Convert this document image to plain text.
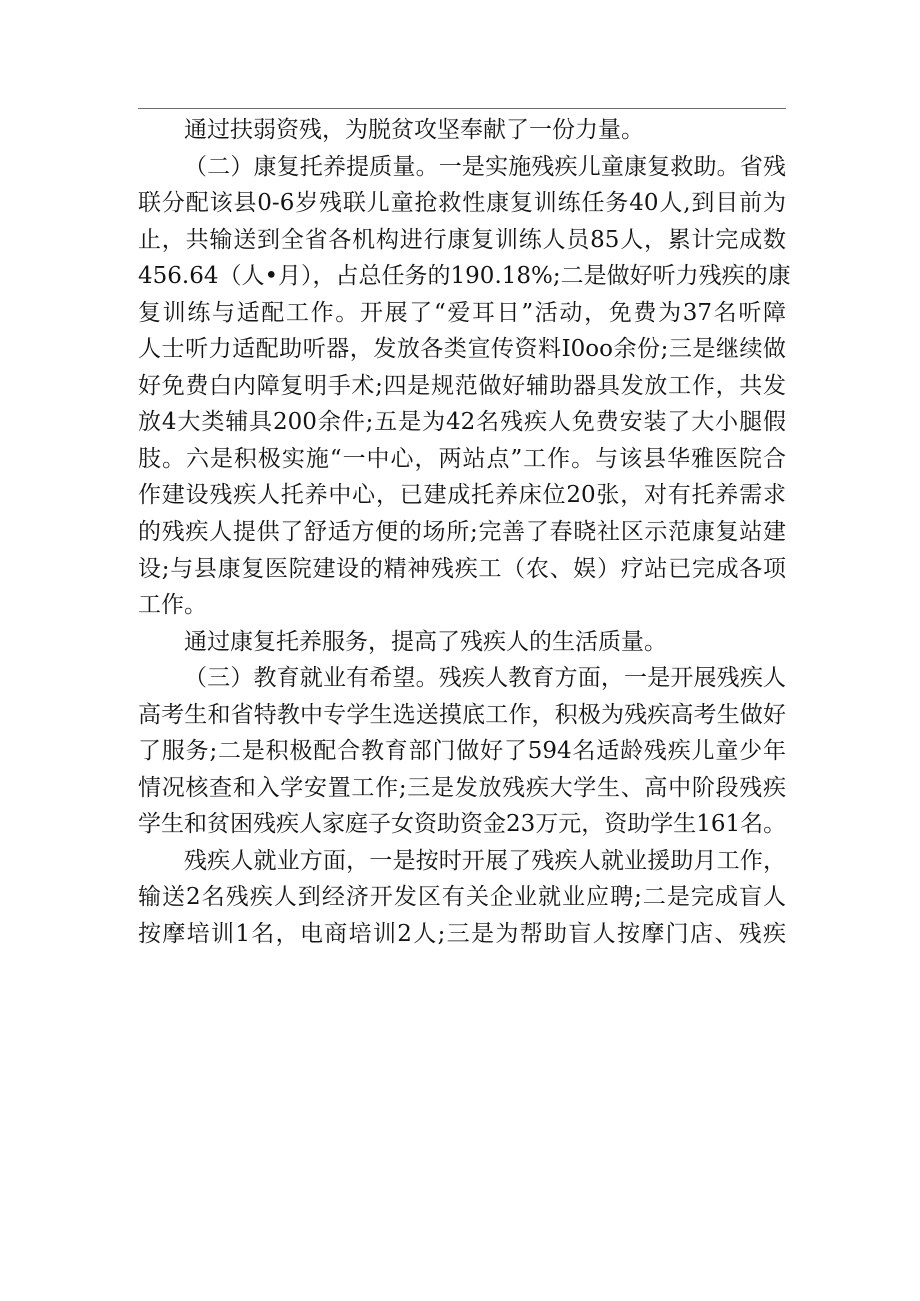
通过扶弱资残，为脱贫攻坚奉献了一份力量。
（二）康复托养提质量。一是实施残疾儿童康复救助。省残
联分配该县0-6岁残联儿童抢救性康复训练任务40人,到目前为
止，共输送到全省各机构进行康复训练人员85人，累计完成数
456.64（人•月），占总任务的190.18%;二是做好听力残疾的康
复训练与适配工作。开展了“爱耳日”活动，免费为37名听障
人士听力适配助听器，发放各类宣传资料I0oo余份;三是继续做
好免费白内障复明手术;四是规范做好辅助器具发放工作，共发
放4大类辅具200余件;五是为42名残疾人免费安装了大小腿假
肢。六是积极实施“一中心，两站点”工作。与该县华雅医院合
作建设残疾人托养中心，已建成托养床位20张，对有托养需求
的残疾人提供了舒适方便的场所;完善了春晓社区示范康复站建
设;与县康复医院建设的精神残疾工（农、娱）疗站已完成各项
工作。
通过康复托养服务，提高了残疾人的生活质量。
（三）教育就业有希望。残疾人教育方面，一是开展残疾人
高考生和省特教中专学生选送摸底工作，积极为残疾高考生做好
了服务;二是积极配合教育部门做好了594名适龄残疾儿童少年
情况核查和入学安置工作;三是发放残疾大学生、高中阶段残疾
学生和贫困残疾人家庭子女资助资金23万元，资助学生161名。
残疾人就业方面，一是按时开展了残疾人就业援助月工作，
输送2名残疾人到经济开发区有关企业就业应聘;二是完成盲人
按摩培训1名，电商培训2人;三是为帮助盲人按摩门店、残疾
